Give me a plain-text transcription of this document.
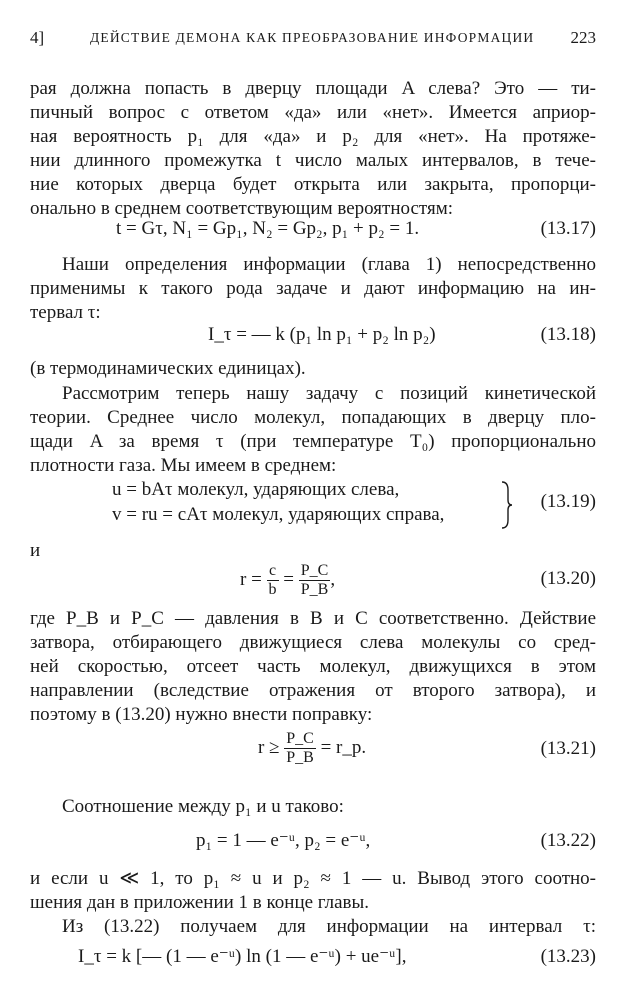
4]	ДЕЙСТВИЕ ДЕМОНА КАК ПРЕОБРАЗОВАНИЕ ИНФОРМАЦИИ 223
рая должна попасть в дверцу площади A слева? Это — ти-
пичный вопрос с ответом «да» или «нет». Имеется априор-
ная вероятность p₁ для «да» и p₂ для «нет». На протяже-
нии длинного промежутка t число малых интервалов, в тече-
ние которых дверца будет открыта или закрыта, пропорци-
онально в среднем соответствующим вероятностям:
t = Gτ, N₁ = Gp₁, N₂ = Gp₂, p₁ + p₂ = 1.	(13.17)
Наши определения информации (глава 1) непосредственно
применимы к такого рода задаче и дают информацию на ин-
тервал τ:
I_τ = — k (p₁ ln p₁ + p₂ ln p₂)	(13.18)
(в термодинамических единицах).
Рассмотрим теперь нашу задачу с позиций кинетической
теории. Среднее число молекул, попадающих в дверцу пло-
щади A за время τ (при температуре T₀) пропорционально
плотности газа. Мы имеем в среднем:
u = bAτ молекул, ударяющих слева,
v = ru = cAτ молекул, ударяющих справа,
(13.19)
и
$r = \frac{c}{b} = \frac{P\_C}{P\_B}$ ,	(13.20)
где P_B и P_C — давления в B и C соответственно. Действие
затвора, отбирающего движущиеся слева молекулы со сред-
ней скоростью, отсеет часть молекул, движущихся в этом
направлении (вследствие отражения от второго затвора), и
поэтому в (13.20) нужно внести поправку:
$r \ge \frac{P\_C}{P\_B}$ = r_p.	(13.21)
Соотношение между p₁ и u таково:
p₁ = 1 — e⁻ᵘ, p₂ = e⁻ᵘ,	(13.22)
и если u ≪ 1, то p₁ ≈ u и p₂ ≈ 1 — u. Вывод этого соотно-
шения дан в приложении 1 в конце главы.
Из (13.22) получаем для информации на интервал τ:
I_τ = k [— (1 — e⁻ᵘ) ln (1 — e⁻ᵘ) + ue⁻ᵘ],	(13.23)
